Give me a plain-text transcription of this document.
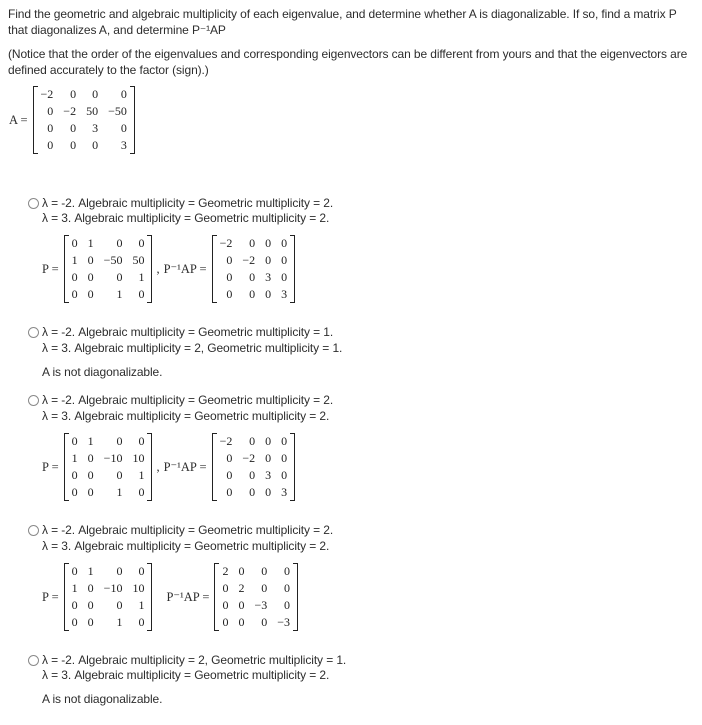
Find the geometric and algebraic multiplicity of each eigenvalue, and determine whether A is diagonalizable. If so, find a matrix P that diagonalizes A, and determine P⁻¹AP
(Notice that the order of the eigenvalues and corresponding eigenvectors can be different from yours and that the eigenvectors are defined accurately to the factor (sign).)
A =
−2	0	0	0
0	−2	50	−50
0	0	3	0
0	0	0	3
λ = -2. Algebraic multiplicity = Geometric multiplicity = 2.
λ = 3. Algebraic multiplicity = Geometric multiplicity = 2.
P =
0	1	0	0
1	0	−50	50
0	0	0	1
0	0	1	0
, P⁻¹AP =
−2	0	0	0
0	−2	0	0
0	0	3	0
0	0	0	3
λ = -2. Algebraic multiplicity = Geometric multiplicity = 1.
λ = 3. Algebraic multiplicity = 2, Geometric multiplicity = 1.
A is not diagonalizable.
λ = -2. Algebraic multiplicity = Geometric multiplicity = 2.
λ = 3. Algebraic multiplicity = Geometric multiplicity = 2.
P =
0	1	0	0
1	0	−10	10
0	0	0	1
0	0	1	0
, P⁻¹AP =
−2	0	0	0
0	−2	0	0
0	0	3	0
0	0	0	3
λ = -2. Algebraic multiplicity = Geometric multiplicity = 2.
λ = 3. Algebraic multiplicity = Geometric multiplicity = 2.
P =
0	1	0	0
1	0	−10	10
0	0	0	1
0	0	1	0
P⁻¹AP =
2	0	0	0
0	2	0	0
0	0	−3	0
0	0	0	−3
λ = -2. Algebraic multiplicity = 2, Geometric multiplicity = 1.
λ = 3. Algebraic multiplicity = Geometric multiplicity = 2.
A is not diagonalizable.
